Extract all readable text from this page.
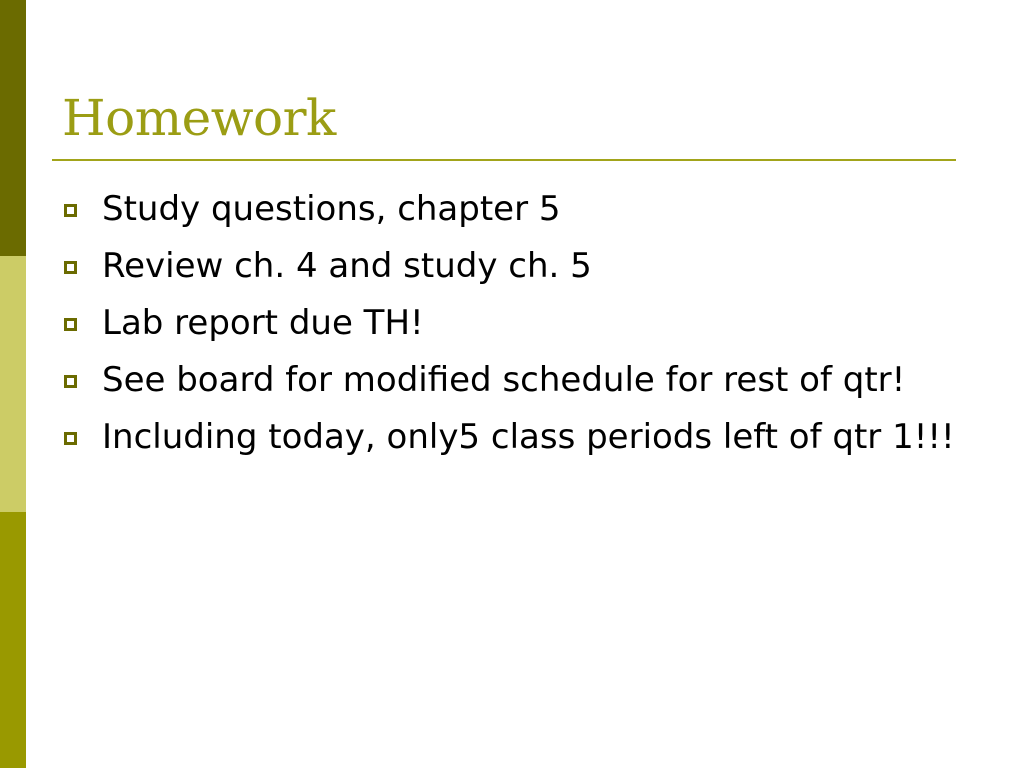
Homework
Study questions, chapter 5
Review ch. 4 and study ch. 5
Lab report due TH!
See board for modified schedule for rest of qtr!
Including today, only5 class periods left of qtr 1!!!
